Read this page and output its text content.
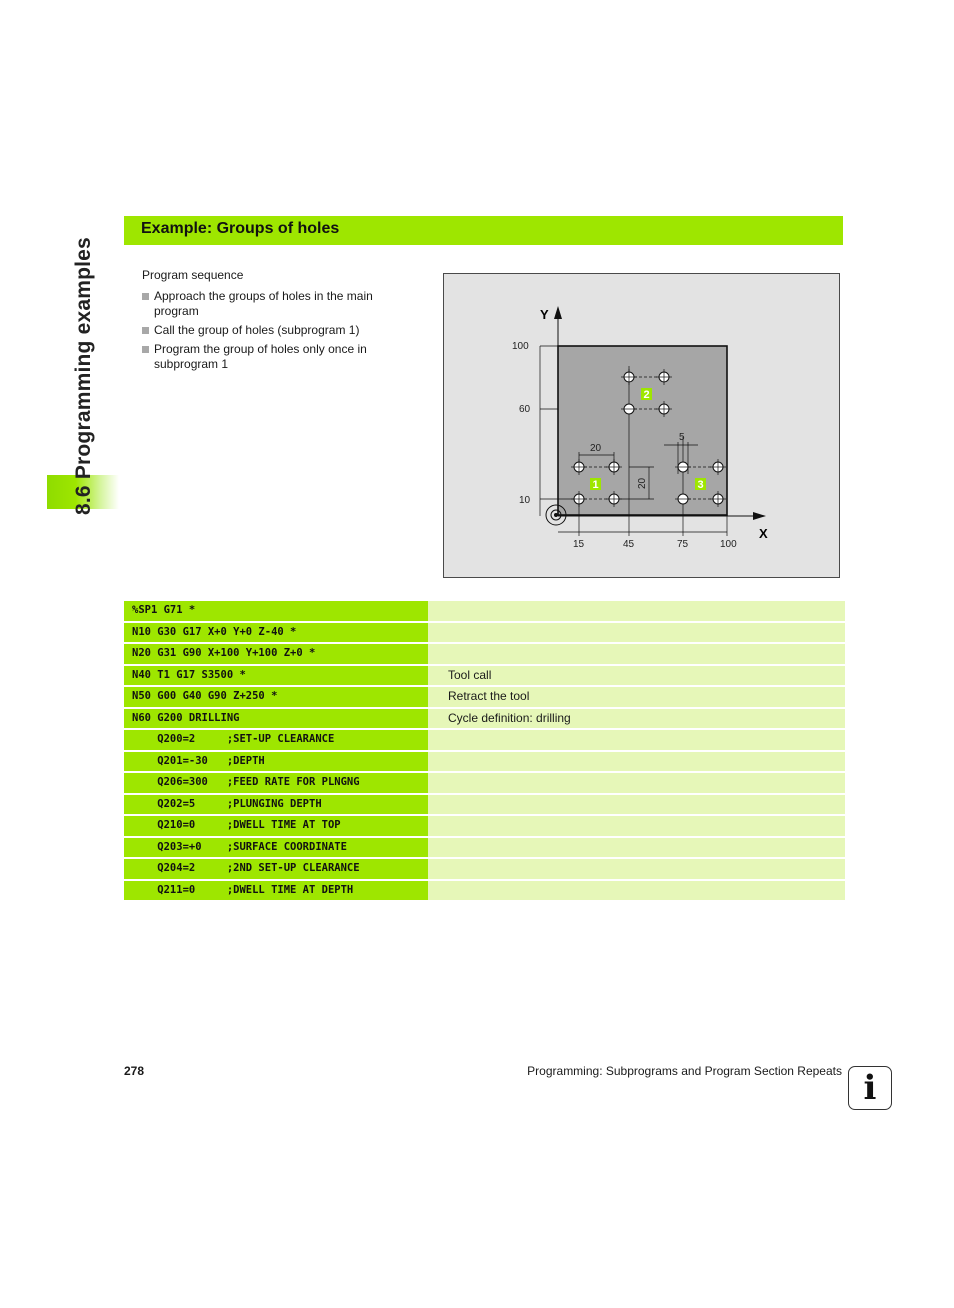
8.6 Programming examples
Example: Groups of holes

Program sequence

Approach the groups of holes in the main program
Call the group of holes (subprogram 1)
Program the group of holes only once in subprogram 1
X
Y
100
60
10
15	45	75	100
20
20
5
1
2
3
%SP1 G71 *
N10 G30 G17 X+0 Y+0 Z-40 *
N20 G31 G90 X+100 Y+100 Z+0 *
N40 T1 G17 S3500 *	Tool call
N50 G00 G40 G90 Z+250 *	Retract the tool
N60 G200 DRILLING	Cycle definition: drilling
Q200=2     ;SET-UP CLEARANCE
Q201=-30   ;DEPTH
Q206=300   ;FEED RATE FOR PLNGNG
Q202=5     ;PLUNGING DEPTH
Q210=0     ;DWELL TIME AT TOP
Q203=+0    ;SURFACE COORDINATE
Q204=2     ;2ND SET-UP CLEARANCE
Q211=0     ;DWELL TIME AT DEPTH
278	Programming: Subprograms and Program Section Repeats i
